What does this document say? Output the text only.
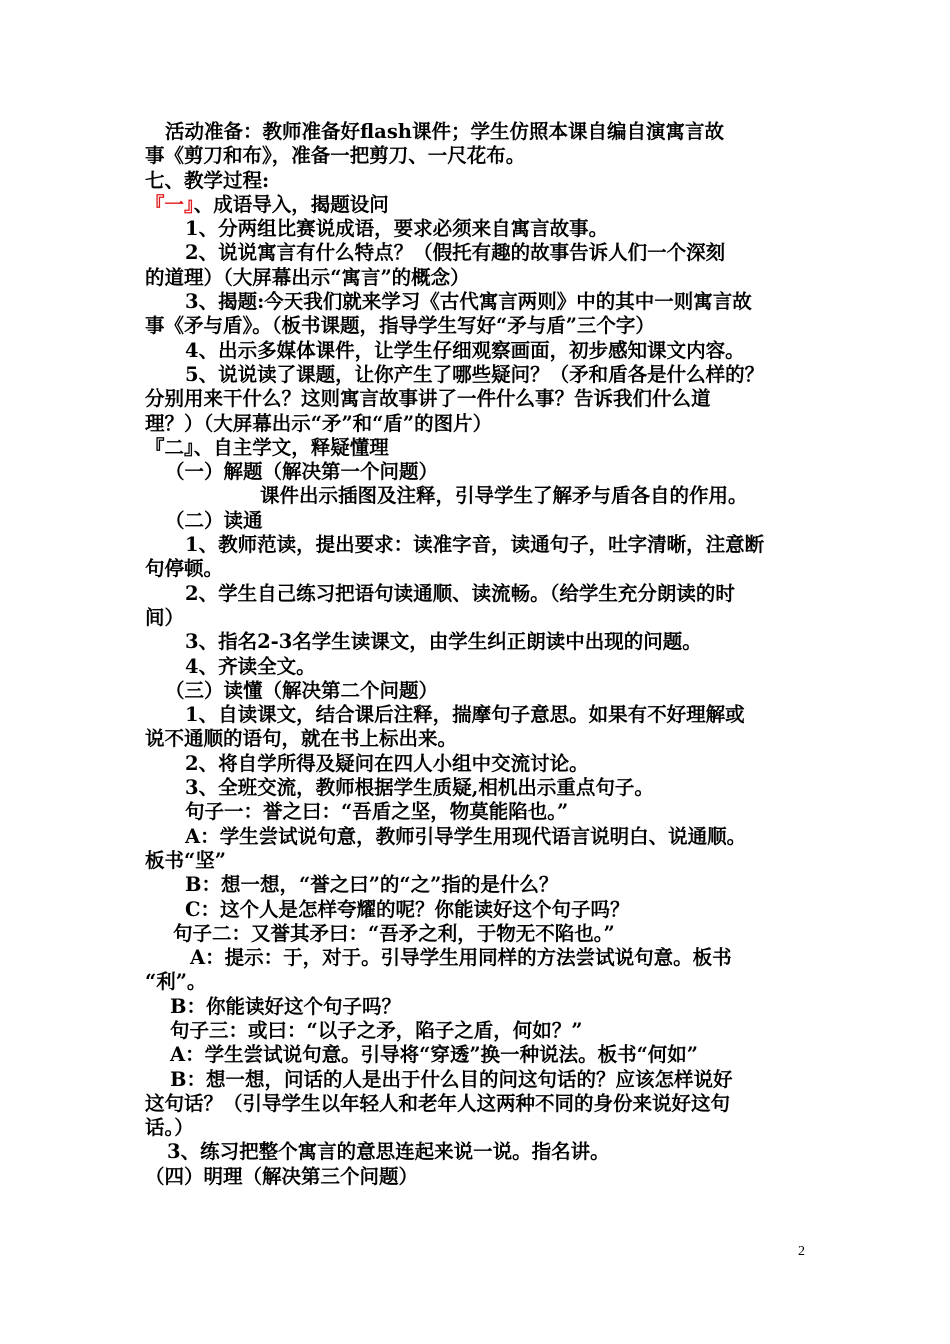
活动准备：教师准备好flash课件；学生仿照本课自编自演寓言故

事《剪刀和布》，准备一把剪刀、一尺花布。

七、教学过程:

『一』、成语导入，揭题设问

1、分两组比赛说成语，要求必须来自寓言故事。

2、说说寓言有什么特点？（假托有趣的故事告诉人们一个深刻

的道理）（大屏幕出示“寓言”的概念）

3、揭题:今天我们就来学习《古代寓言两则》中的其中一则寓言故

事《矛与盾》。（板书课题，指导学生写好“矛与盾”三个字）

4、出示多媒体课件，让学生仔细观察画面，初步感知课文内容。

5、说说读了课题，让你产生了哪些疑问？（矛和盾各是什么样的？

分别用来干什么？这则寓言故事讲了一件什么事？告诉我们什么道

理？）（大屏幕出示“矛”和“盾”的图片）

『二』、自主学文，释疑懂理

（一）解题（解决第一个问题）

课件出示插图及注释，引导学生了解矛与盾各自的作用。

（二）读通

1、教师范读，提出要求：读准字音，读通句子，吐字清晰，注意断

句停顿。

2、学生自己练习把语句读通顺、读流畅。（给学生充分朗读的时

间）

3、指名2-3名学生读课文，由学生纠正朗读中出现的问题。

4、齐读全文。

（三）读懂（解决第二个问题）

1、自读课文，结合课后注释，揣摩句子意思。如果有不好理解或

说不通顺的语句，就在书上标出来。

2、将自学所得及疑问在四人小组中交流讨论。

3、全班交流，教师根据学生质疑,相机出示重点句子。

句子一：誉之曰：“吾盾之坚，物莫能陷也。”

A：学生尝试说句意，教师引导学生用现代语言说明白、说通顺。

板书“坚”

B：想一想，“誉之曰”的“之”指的是什么？

C：这个人是怎样夸耀的呢？你能读好这个句子吗？

句子二：又誉其矛曰：“吾矛之利，于物无不陷也。”

A：提示：于，对于。引导学生用同样的方法尝试说句意。板书

“利”。

B：你能读好这个句子吗？

句子三：或曰：“以子之矛，陷子之盾，何如？”

A：学生尝试说句意。引导将“穿透”换一种说法。板书“何如”

B：想一想，问话的人是出于什么目的问这句话的？应该怎样说好

这句话？（引导学生以年轻人和老年人这两种不同的身份来说好这句

话。）

3、练习把整个寓言的意思连起来说一说。指名讲。

（四）明理（解决第三个问题）

2
